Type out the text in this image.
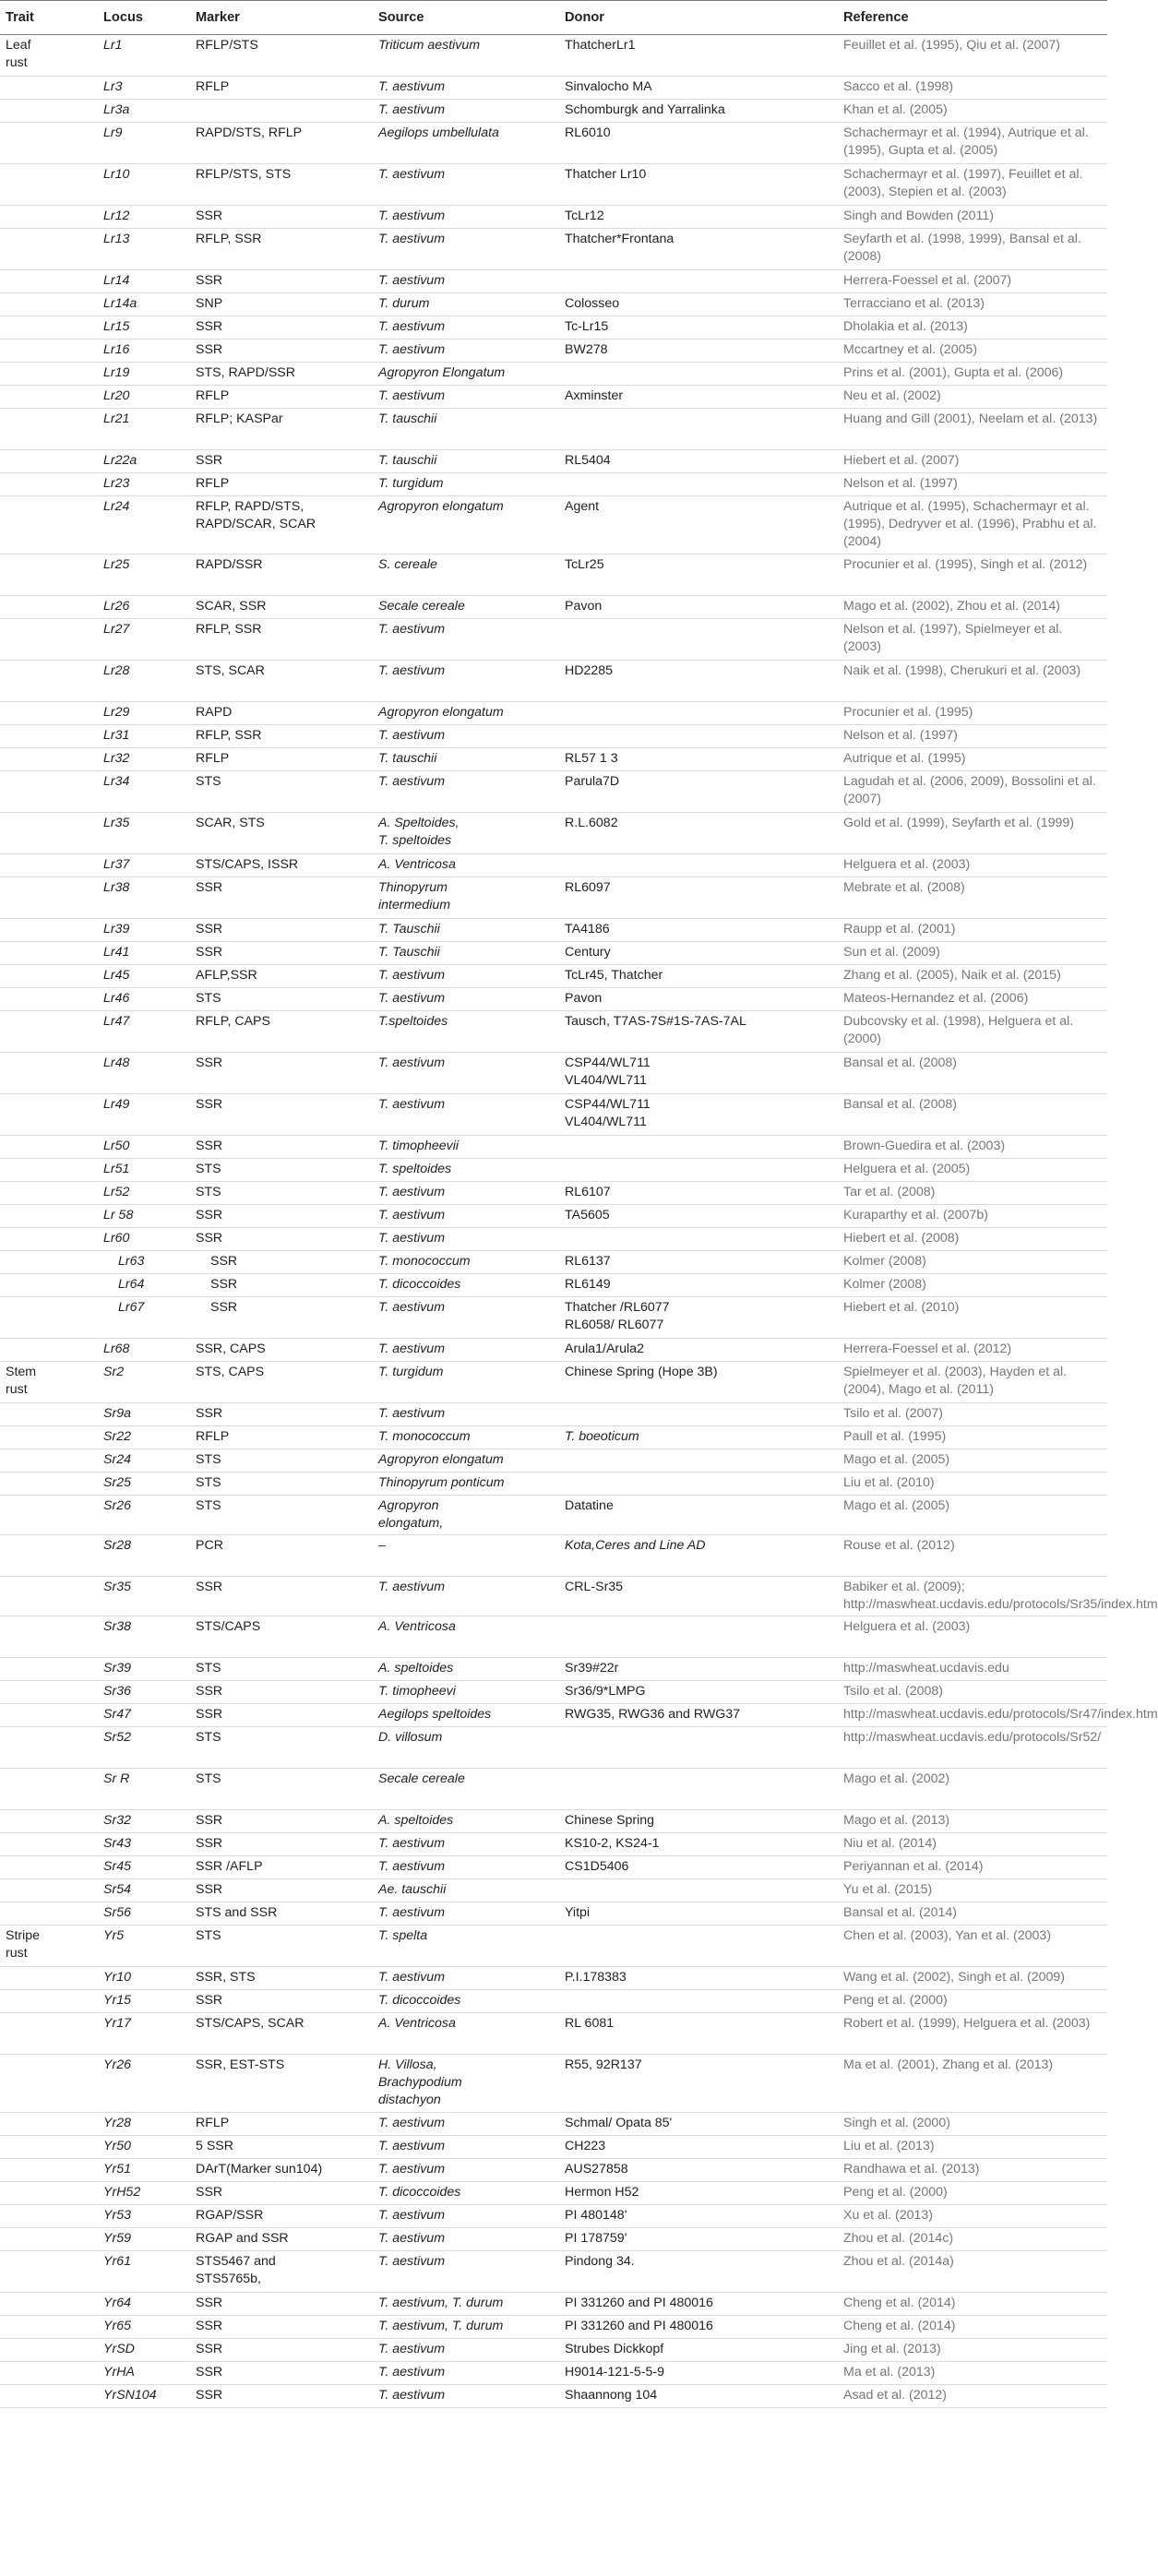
Trait	Locus	Marker	Source	Donor	Reference
Leaf
rust	Lr1	RFLP/STS	Triticum aestivum	ThatcherLr1	Feuillet et al. (1995), Qiu et al. (2007)
	Lr3	RFLP	T. aestivum	Sinvalocho MA	Sacco et al. (1998)
	Lr3a		T. aestivum	Schomburgk and Yarralinka	Khan et al. (2005)
	Lr9	RAPD/STS, RFLP	Aegilops umbellulata	RL6010	Schachermayr et al. (1994), Autrique et al. (1995), Gupta et al. (2005)
	Lr10	RFLP/STS, STS	T. aestivum	Thatcher Lr10	Schachermayr et al. (1997), Feuillet et al. (2003), Stepien et al. (2003)
	Lr12	SSR	T. aestivum	TcLr12	Singh and Bowden (2011)
	Lr13	RFLP, SSR	T. aestivum	Thatcher*Frontana	Seyfarth et al. (1998, 1999), Bansal et al. (2008)
	Lr14	SSR	T. aestivum		Herrera-Foessel et al. (2007)
	Lr14a	SNP	T. durum	Colosseo	Terracciano et al. (2013)
	Lr15	SSR	T. aestivum	Tc-Lr15	Dholakia et al. (2013)
	Lr16	SSR	T. aestivum	BW278	Mccartney et al. (2005)
	Lr19	STS, RAPD/SSR	Agropyron Elongatum		Prins et al. (2001), Gupta et al. (2006)
	Lr20	RFLP	T. aestivum	Axminster	Neu et al. (2002)
	Lr21	RFLP; KASPar	T. tauschii		Huang and Gill (2001), Neelam et al. (2013)
	Lr22a	SSR	T. tauschii	RL5404	Hiebert et al. (2007)
	Lr23	RFLP	T. turgidum		Nelson et al. (1997)
	Lr24	RFLP, RAPD/STS,
RAPD/SCAR, SCAR	Agropyron elongatum	Agent	Autrique et al. (1995), Schachermayr et al. (1995), Dedryver et al. (1996), Prabhu et al. (2004)
	Lr25	RAPD/SSR	S. cereale	TcLr25	Procunier et al. (1995), Singh et al. (2012)
	Lr26	SCAR, SSR	Secale cereale	Pavon	Mago et al. (2002), Zhou et al. (2014)
	Lr27	RFLP, SSR	T. aestivum		Nelson et al. (1997), Spielmeyer et al. (2003)
	Lr28	STS, SCAR	T. aestivum	HD2285	Naik et al. (1998), Cherukuri et al. (2003)
	Lr29	RAPD	Agropyron elongatum		Procunier et al. (1995)
	Lr31	RFLP, SSR	T. aestivum		Nelson et al. (1997)
	Lr32	RFLP	T. tauschii	RL57 1 3	Autrique et al. (1995)
	Lr34	STS	T. aestivum	Parula7D	Lagudah et al. (2006, 2009), Bossolini et al. (2007)
	Lr35	SCAR, STS	A. Speltoides,
T. speltoides	R.L.6082	Gold et al. (1999), Seyfarth et al. (1999)
	Lr37	STS/CAPS, ISSR	A. Ventricosa		Helguera et al. (2003)
	Lr38	SSR	Thinopyrum
intermedium	RL6097	Mebrate et al. (2008)
	Lr39	SSR	T. Tauschii	TA4186	Raupp et al. (2001)
	Lr41	SSR	T. Tauschii	Century	Sun et al. (2009)
	Lr45	AFLP,SSR	T. aestivum	TcLr45, Thatcher	Zhang et al. (2005), Naik et al. (2015)
	Lr46	STS	T. aestivum	Pavon	Mateos-Hernandez et al. (2006)
	Lr47	RFLP, CAPS	T.speltoides	Tausch, T7AS-7S#1S-7AS-7AL	Dubcovsky et al. (1998), Helguera et al. (2000)
	Lr48	SSR	T. aestivum	CSP44/WL711
VL404/WL711	Bansal et al. (2008)
	Lr49	SSR	T. aestivum	CSP44/WL711
VL404/WL711	Bansal et al. (2008)
	Lr50	SSR	T. timopheevii		Brown-Guedira et al. (2003)
	Lr51	STS	T. speltoides		Helguera et al. (2005)
	Lr52	STS	T. aestivum	RL6107	Tar et al. (2008)
	Lr 58	SSR	T. aestivum	TA5605	Kuraparthy et al. (2007b)
	Lr60	SSR	T. aestivum		Hiebert et al. (2008)
	Lr63	SSR	T. monococcum	RL6137	Kolmer (2008)
	Lr64	SSR	T. dicoccoides	RL6149	Kolmer (2008)
	Lr67	SSR	T. aestivum	Thatcher /RL6077
RL6058/ RL6077	Hiebert et al. (2010)
	Lr68	SSR, CAPS	T. aestivum	Arula1/Arula2	Herrera-Foessel et al. (2012)
Stem
rust	Sr2	STS, CAPS	T. turgidum	Chinese Spring (Hope 3B)	Spielmeyer et al. (2003), Hayden et al. (2004), Mago et al. (2011)
	Sr9a	SSR	T. aestivum		Tsilo et al. (2007)
	Sr22	RFLP	T. monococcum	T. boeoticum	Paull et al. (1995)
	Sr24	STS	Agropyron elongatum		Mago et al. (2005)
	Sr25	STS	Thinopyrum ponticum		Liu et al. (2010)
	Sr26	STS	Agropyron
elongatum,	Datatine	Mago et al. (2005)
	Sr28	PCR	–	Kota,Ceres and Line AD	Rouse et al. (2012)
	Sr35	SSR	T. aestivum	CRL-Sr35	Babiker et al. (2009); http://maswheat.ucdavis.edu/protocols/Sr35/index.htm
	Sr38	STS/CAPS	A. Ventricosa		Helguera et al. (2003)
	Sr39	STS	A. speltoides	Sr39#22r	http://maswheat.ucdavis.edu
	Sr36	SSR	T. timopheevi	Sr36/9*LMPG	Tsilo et al. (2008)
	Sr47	SSR	Aegilops speltoides	RWG35, RWG36 and RWG37	http://maswheat.ucdavis.edu/protocols/Sr47/index.htm
	Sr52	STS	D. villosum		http://maswheat.ucdavis.edu/protocols/Sr52/
	Sr R	STS	Secale cereale		Mago et al. (2002)
	Sr32	SSR	A. speltoides	Chinese Spring	Mago et al. (2013)
	Sr43	SSR	T. aestivum	KS10-2, KS24-1	Niu et al. (2014)
	Sr45	SSR /AFLP	T. aestivum	CS1D5406	Periyannan et al. (2014)
	Sr54	SSR	Ae. tauschii		Yu et al. (2015)
	Sr56	STS and SSR	T. aestivum	Yitpi	Bansal et al. (2014)
Stripe
rust	Yr5	STS	T. spelta		Chen et al. (2003), Yan et al. (2003)
	Yr10	SSR, STS	T. aestivum	P.I.178383	Wang et al. (2002), Singh et al. (2009)
	Yr15	SSR	T. dicoccoides		Peng et al. (2000)
	Yr17	STS/CAPS, SCAR	A. Ventricosa	RL 6081	Robert et al. (1999), Helguera et al. (2003)
	Yr26	SSR, EST-STS	H. Villosa,
Brachypodium
distachyon	R55, 92R137	Ma et al. (2001), Zhang et al. (2013)
	Yr28	RFLP	T. aestivum	Schmal/ Opata 85'	Singh et al. (2000)
	Yr50	5 SSR	T. aestivum	CH223	Liu et al. (2013)
	Yr51	DArT(Marker sun104)	T. aestivum	AUS27858	Randhawa et al. (2013)
	YrH52	SSR	T. dicoccoides	Hermon H52	Peng et al. (2000)
	Yr53	RGAP/SSR	T. aestivum	PI 480148'	Xu et al. (2013)
	Yr59	RGAP and SSR	T. aestivum	PI 178759'	Zhou et al. (2014c)
	Yr61	STS5467 and
STS5765b,	T. aestivum	Pindong 34.	Zhou et al. (2014a)
	Yr64	SSR	T. aestivum, T. durum	PI 331260 and PI 480016	Cheng et al. (2014)
	Yr65	SSR	T. aestivum, T. durum	PI 331260 and PI 480016	Cheng et al. (2014)
	YrSD	SSR	T. aestivum	Strubes Dickkopf	Jing et al. (2013)
	YrHA	SSR	T. aestivum	H9014-121-5-5-9	Ma et al. (2013)
	YrSN104	SSR	T. aestivum	Shaannong 104	Asad et al. (2012)
